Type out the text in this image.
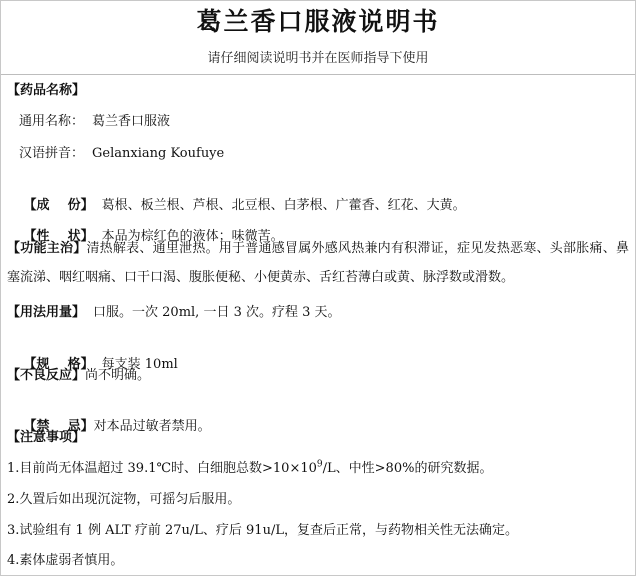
葛兰香口服液说明书
请仔细阅读说明书并在医师指导下使用
【药品名称】
通用名称： 葛兰香口服液
汉语拼音： Gelanxiang Koufuye

【成    份】 葛根、板兰根、芦根、北豆根、白茅根、广藿香、红花、大黄。

【性    状】 本品为棕红色的液体；味微苦。

【功能主治】清热解表、通里泄热。用于普通感冒属外感风热兼内有积滞证，症见发热恶寒、头部胀痛、鼻塞流涕、咽红咽痛、口干口渴、腹胀便秘、小便黄赤、舌红苔薄白或黄、脉浮数或滑数。
【用法用量】 口服。一次 20ml, 一日 3 次。疗程 3 天。

【规    格】 每支装 10ml

【不良反应】尚不明确。

【禁    忌】对本品过敏者禁用。

【注意事项】
1.目前尚无体温超过 39.1℃时、白细胞总数$>10\times 10^9/L$、中性>80%的研究数据。
2.久置后如出现沉淀物，可摇匀后服用。
3.试验组有 1 例 ALT 疗前 27u/L、疗后 91u/L，复查后正常，与药物相关性无法确定。
4.素体虚弱者慎用。
